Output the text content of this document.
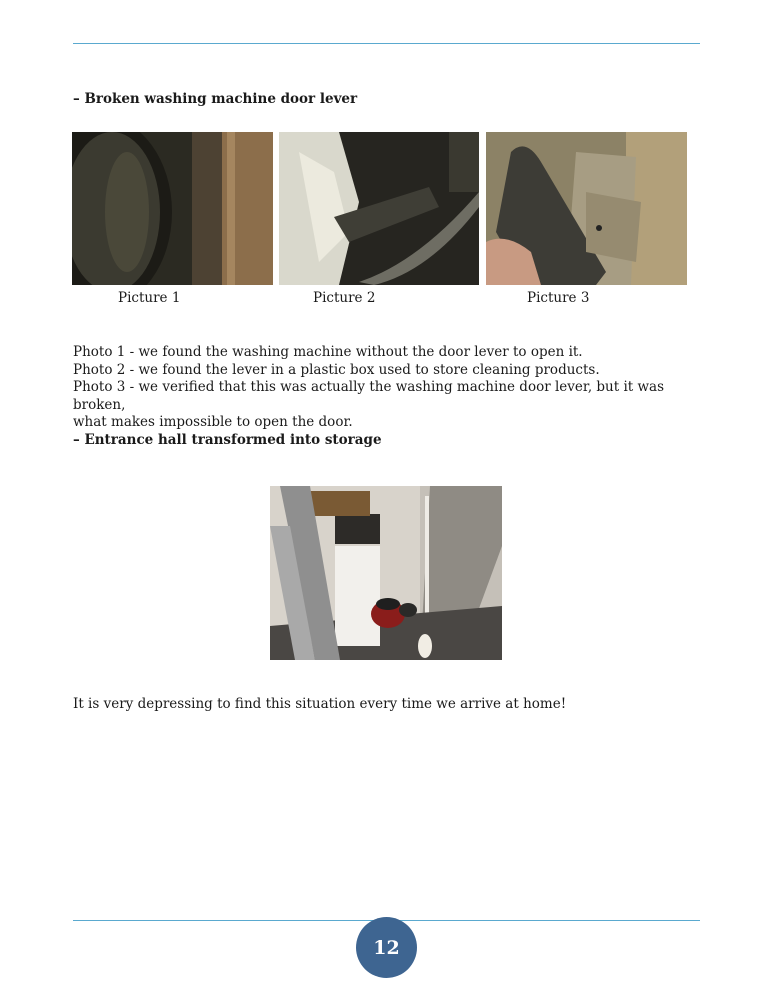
– Broken washing machine door lever
Picture 1	Picture 2	Picture 3
Photo 1 - we found the washing machine without the door lever to open it.
Photo 2 - we found the lever in a plastic box used to store cleaning products.
Photo 3 - we verified that this was actually the washing machine door lever, but it was broken,
what makes impossible to open the door.
– Entrance hall transformed into storage

It is very depressing to find this situation every time we arrive at home!

12
